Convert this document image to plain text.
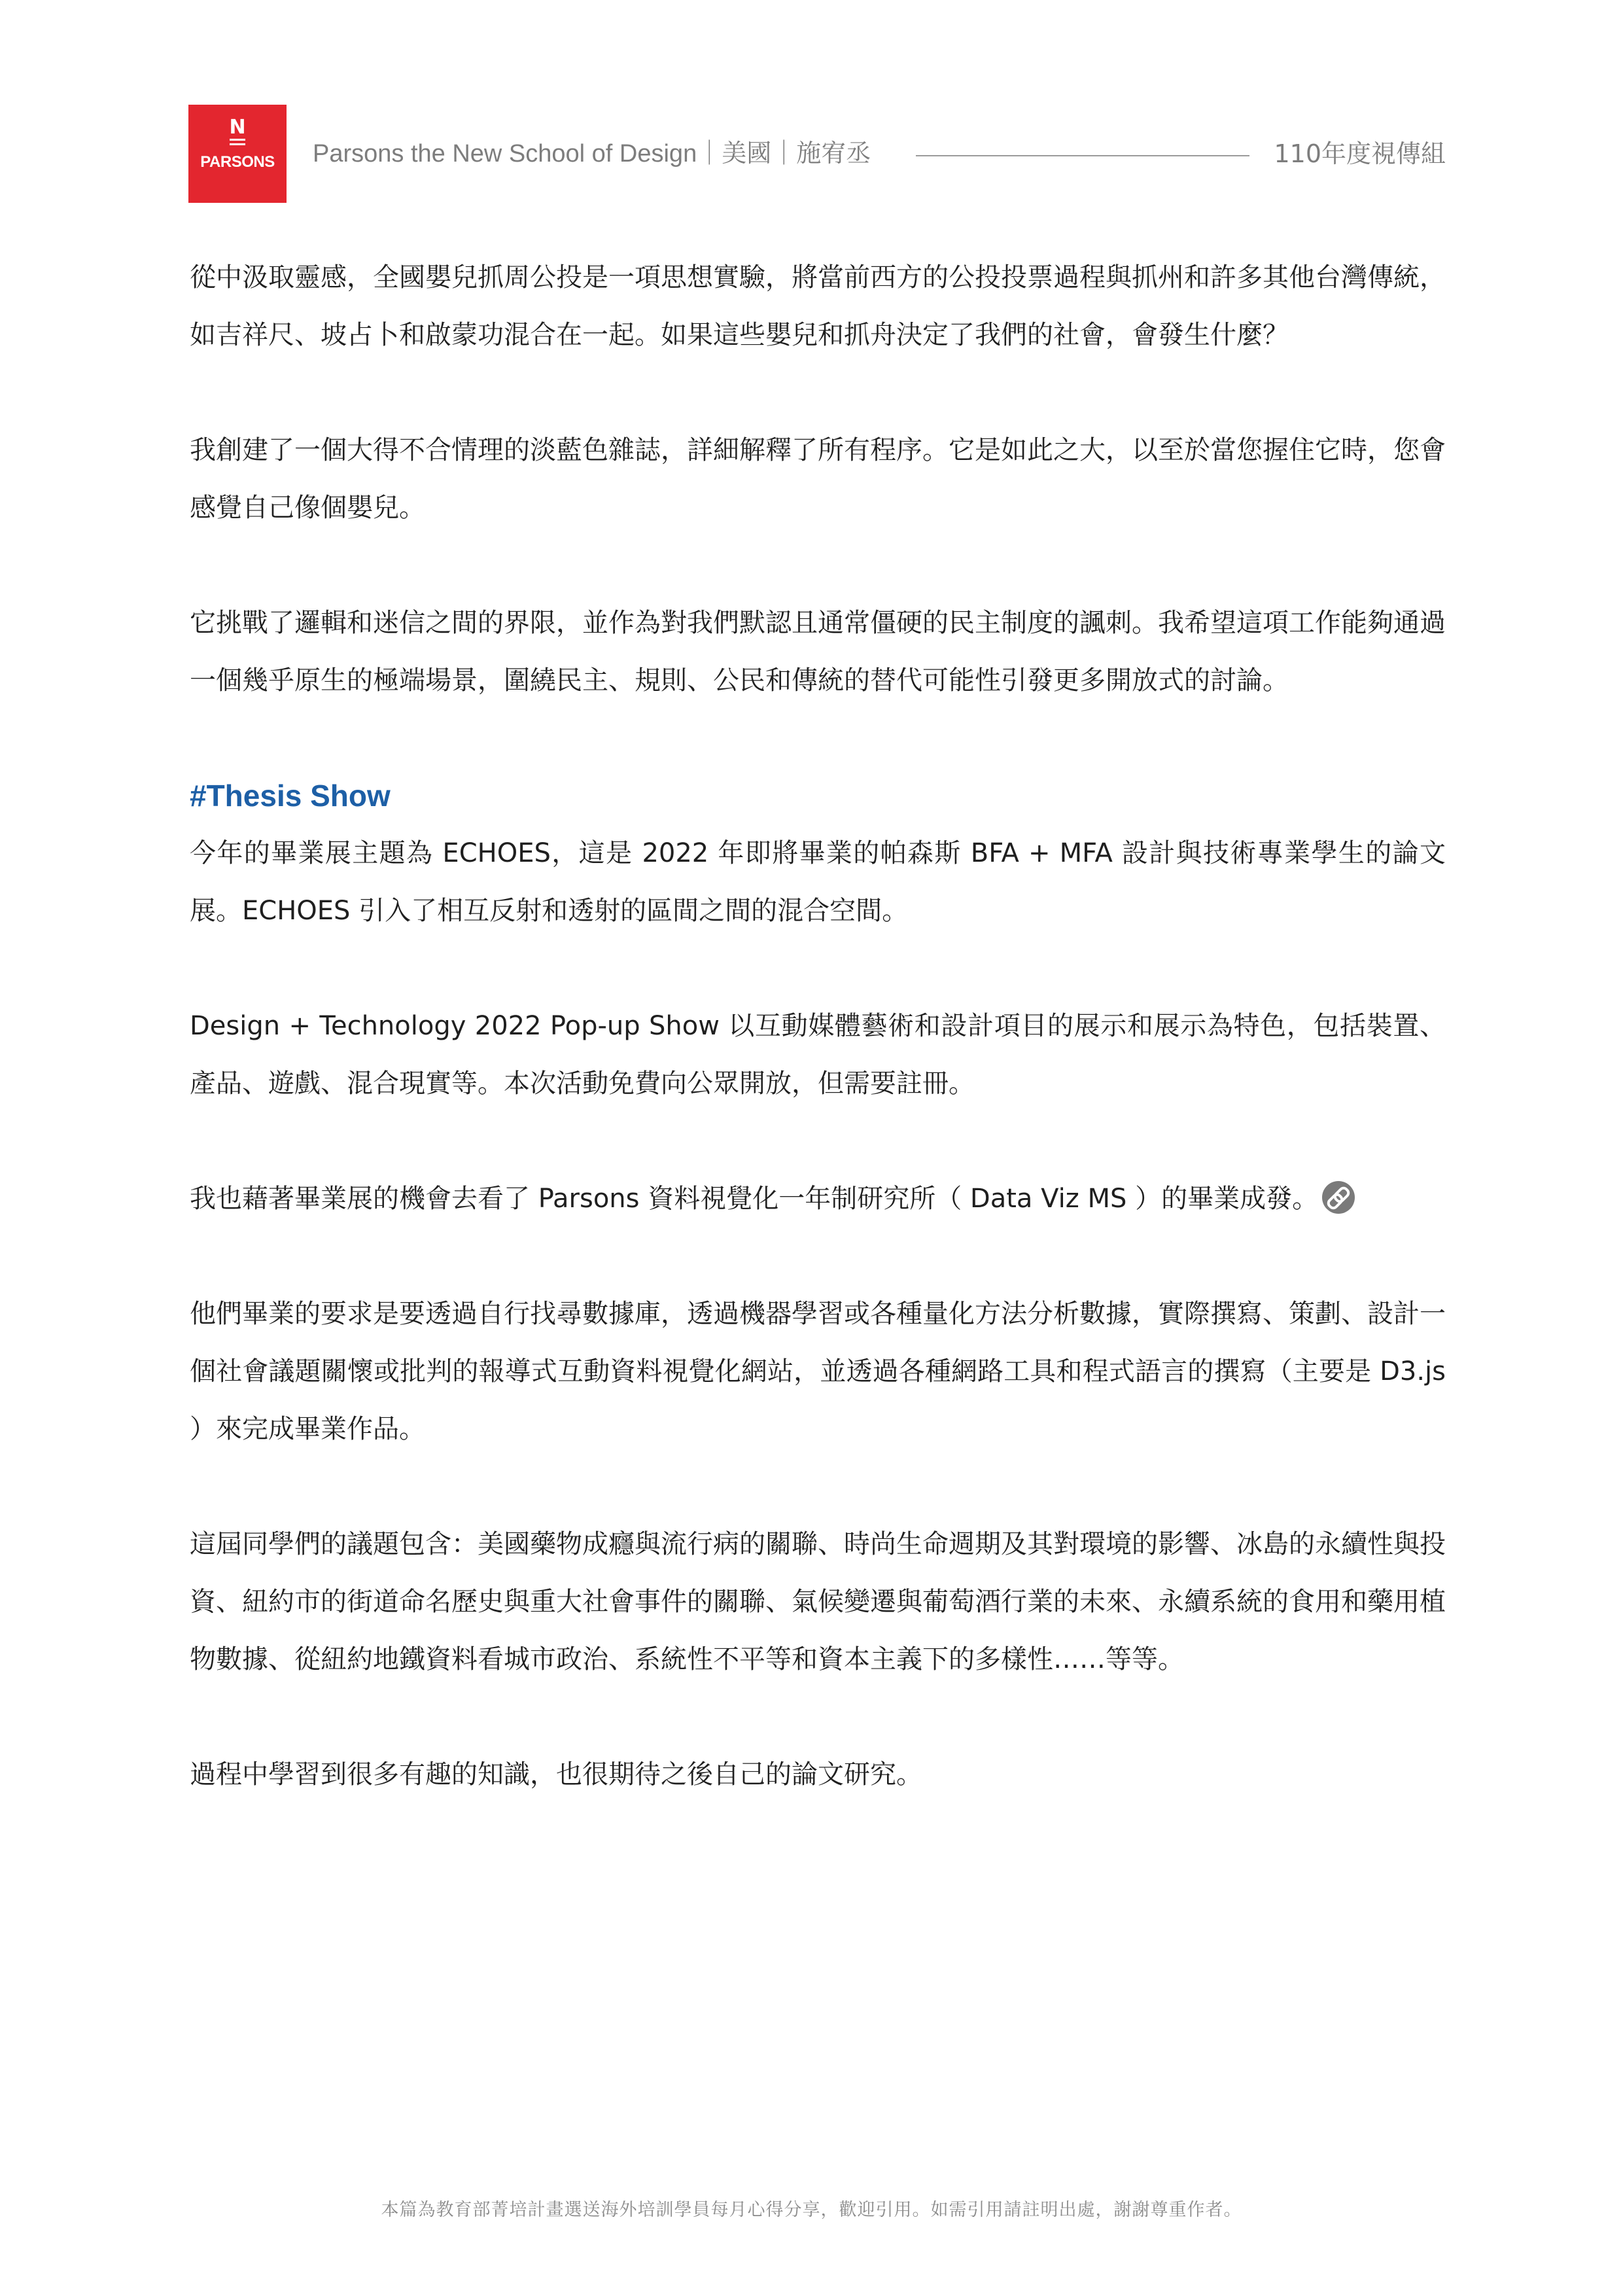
N
PARSONS	Parsons the New School of Design｜美國｜施宥丞	110年度視傳組

從中汲取靈感，全國嬰兒抓周公投是一項思想實驗，將當前西方的公投投票過程與抓州和許多其他台灣傳統，如吉祥尺、坡占卜和啟蒙功混合在一起。如果這些嬰兒和抓舟決定了我們的社會，會發生什麼？

我創建了一個大得不合情理的淡藍色雜誌，詳細解釋了所有程序。它是如此之大，以至於當您握住它時，您會感覺自己像個嬰兒。

它挑戰了邏輯和迷信之間的界限，並作為對我們默認且通常僵硬的民主制度的諷刺。我希望這項工作能夠通過一個幾乎原生的極端場景，圍繞民主、規則、公民和傳統的替代可能性引發更多開放式的討論。

#Thesis Show

今年的畢業展主題為 ECHOES，這是 2022 年即將畢業的帕森斯 BFA + MFA 設計與技術專業學生的論文展。ECHOES 引入了相互反射和透射的區間之間的混合空間。

Design + Technology 2022 Pop-up Show 以互動媒體藝術和設計項目的展示和展示為特色，包括裝置、產品、遊戲、混合現實等。本次活動免費向公眾開放，但需要註冊。

我也藉著畢業展的機會去看了 Parsons 資料視覺化一年制研究所（ Data Viz MS ）的畢業成發。

他們畢業的要求是要透過自行找尋數據庫，透過機器學習或各種量化方法分析數據，實際撰寫、策劃、設計一個社會議題關懷或批判的報導式互動資料視覺化網站，並透過各種網路工具和程式語言的撰寫（主要是 D3.js ）來完成畢業作品。

這屆同學們的議題包含：美國藥物成癮與流行病的關聯、時尚生命週期及其對環境的影響、冰島的永續性與投資、紐約市的街道命名歷史與重大社會事件的關聯、氣候變遷與葡萄酒行業的未來、永續系統的食用和藥用植物數據、從紐約地鐵資料看城市政治、系統性不平等和資本主義下的多樣性……等等。

過程中學習到很多有趣的知識，也很期待之後自己的論文研究。

本篇為教育部菁培計畫選送海外培訓學員每月心得分享，歡迎引用。如需引用請註明出處，謝謝尊重作者。
